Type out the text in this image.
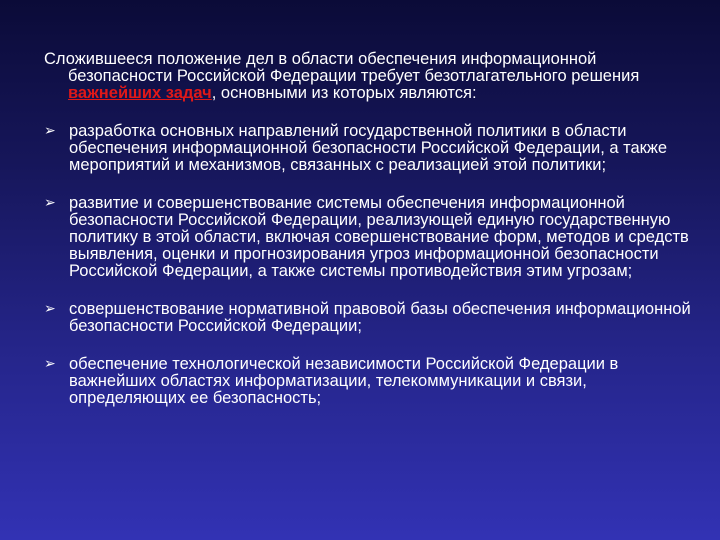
Сложившееся положение дел в области обеспечения информационной безопасности Российской Федерации требует безотлагательного решения важнейших задач, основными из которых являются:

➢ разработка основных направлений государственной политики в области обеспечения информационной безопасности Российской Федерации, а также мероприятий и механизмов, связанных с реализацией этой политики;
➢ развитие и совершенствование системы обеспечения информационной безопасности Российской Федерации, реализующей единую государственную политику в этой области, включая совершенствование форм, методов и средств выявления, оценки и прогнозирования угроз информационной безопасности Российской Федерации, а также системы противодействия этим угрозам;
➢ совершенствование нормативной правовой базы обеспечения информационной безопасности Российской Федерации;
➢ обеспечение технологической независимости Российской Федерации в важнейших областях информатизации, телекоммуникации и связи, определяющих ее безопасность;
